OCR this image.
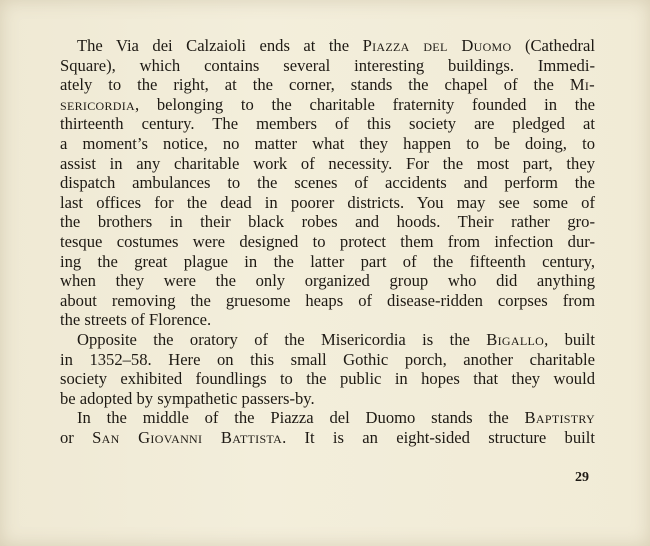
The Via dei Calzaioli ends at the Piazza del Duomo (Cathedral
Square), which contains several interesting buildings. Immedi-
ately to the right, at the corner, stands the chapel of the Mi-
sericordia, belonging to the charitable fraternity founded in the
thirteenth century. The members of this society are pledged at
a moment’s notice, no matter what they happen to be doing, to
assist in any charitable work of necessity. For the most part, they
dispatch ambulances to the scenes of accidents and perform the
last offices for the dead in poorer districts. You may see some of
the brothers in their black robes and hoods. Their rather gro-
tesque costumes were designed to protect them from infection dur-
ing the great plague in the latter part of the fifteenth century,
when they were the only organized group who did anything
about removing the gruesome heaps of disease-ridden corpses from
the streets of Florence.
Opposite the oratory of the Misericordia is the Bigallo, built
in 1352–58. Here on this small Gothic porch, another charitable
society exhibited foundlings to the public in hopes that they would
be adopted by sympathetic passers-by.
In the middle of the Piazza del Duomo stands the Baptistry
or San Giovanni Battista. It is an eight-sided structure built
29
